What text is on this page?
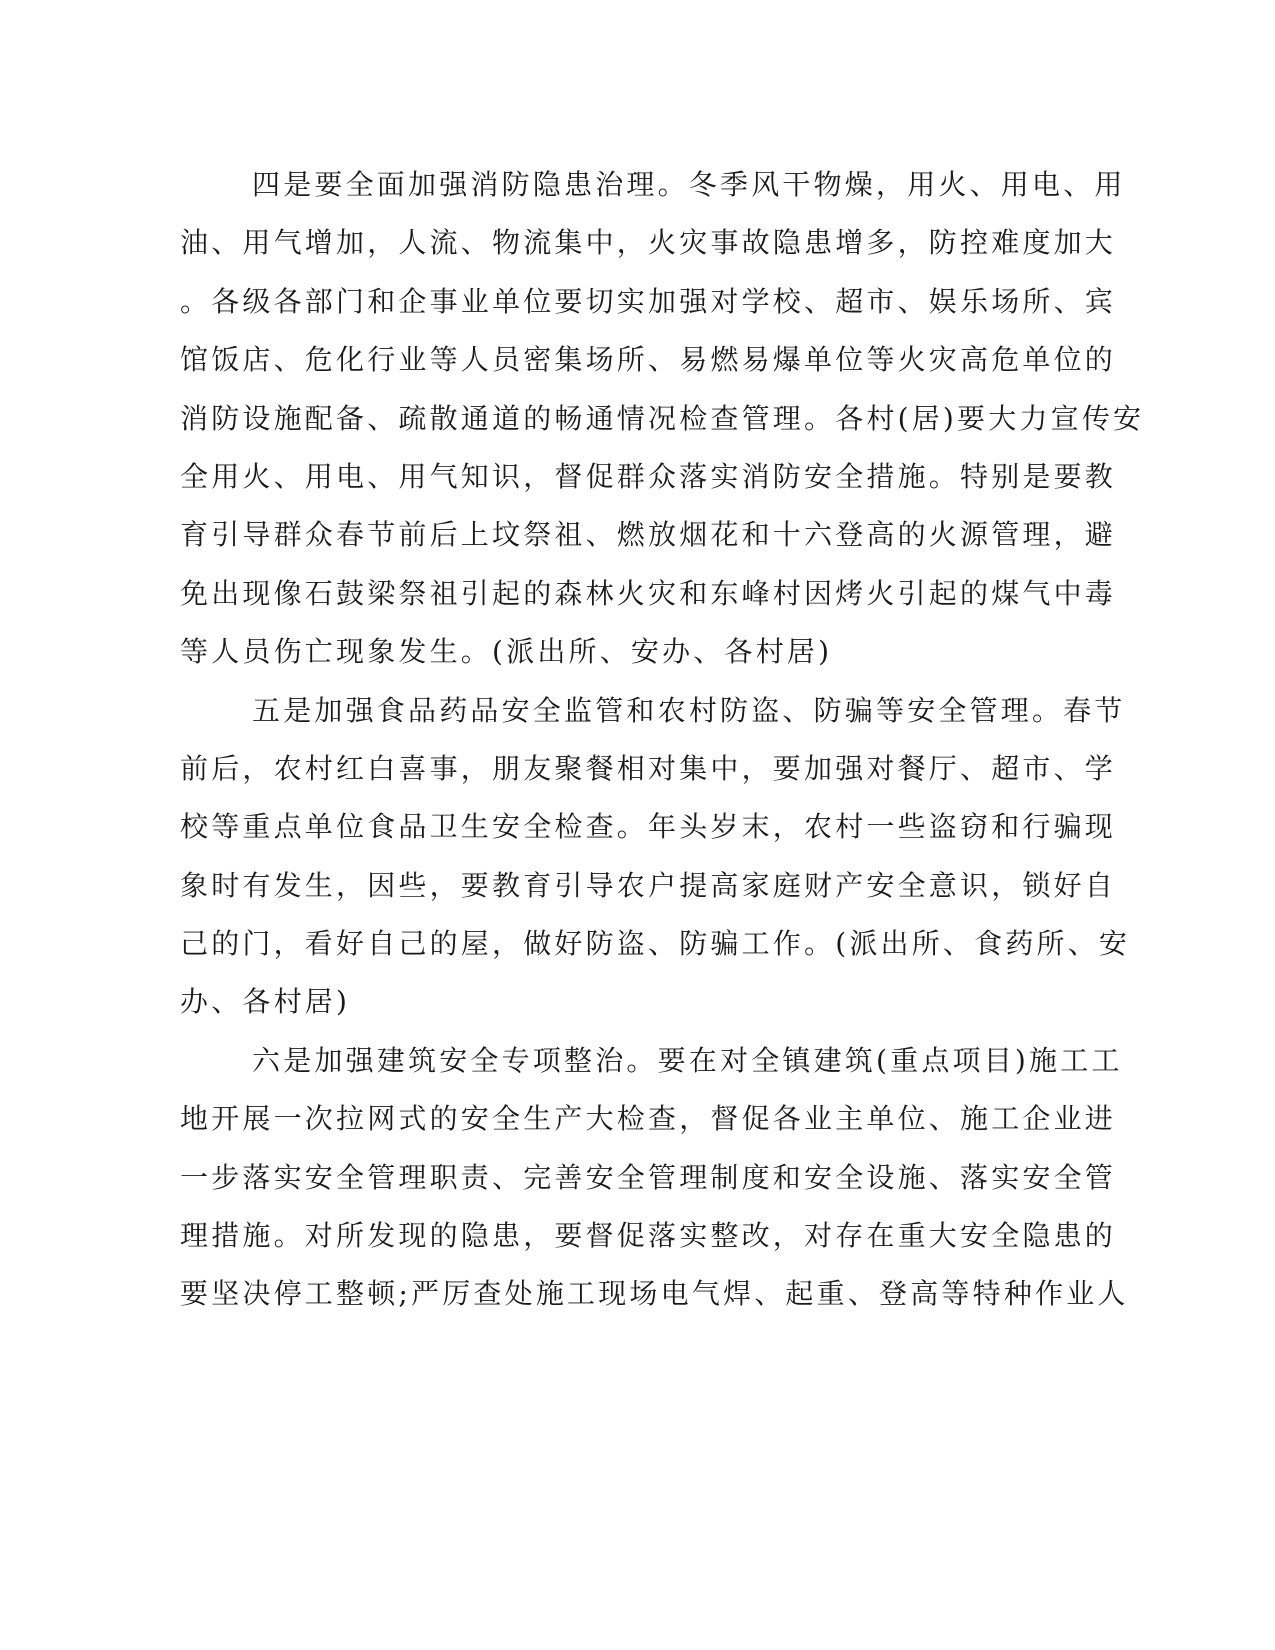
四是要全面加强消防隐患治理。冬季风干物燥，用火、用电、用
油、用气增加，人流、物流集中，火灾事故隐患增多，防控难度加大
。各级各部门和企事业单位要切实加强对学校、超市、娱乐场所、宾
馆饭店、危化行业等人员密集场所、易燃易爆单位等火灾高危单位的
消防设施配备、疏散通道的畅通情况检查管理。各村(居)要大力宣传安
全用火、用电、用气知识，督促群众落实消防安全措施。特别是要教
育引导群众春节前后上坟祭祖、燃放烟花和十六登高的火源管理，避
免出现像石鼓梁祭祖引起的森林火灾和东峰村因烤火引起的煤气中毒
等人员伤亡现象发生。(派出所、安办、各村居)
五是加强食品药品安全监管和农村防盗、防骗等安全管理。春节
前后，农村红白喜事，朋友聚餐相对集中，要加强对餐厅、超市、学
校等重点单位食品卫生安全检查。年头岁末，农村一些盗窃和行骗现
象时有发生，因些，要教育引导农户提高家庭财产安全意识，锁好自
己的门，看好自己的屋，做好防盗、防骗工作。(派出所、食药所、安
办、各村居)
六是加强建筑安全专项整治。要在对全镇建筑(重点项目)施工工
地开展一次拉网式的安全生产大检查，督促各业主单位、施工企业进
一步落实安全管理职责、完善安全管理制度和安全设施、落实安全管
理措施。对所发现的隐患，要督促落实整改，对存在重大安全隐患的
要坚决停工整顿;严厉查处施工现场电气焊、起重、登高等特种作业人
